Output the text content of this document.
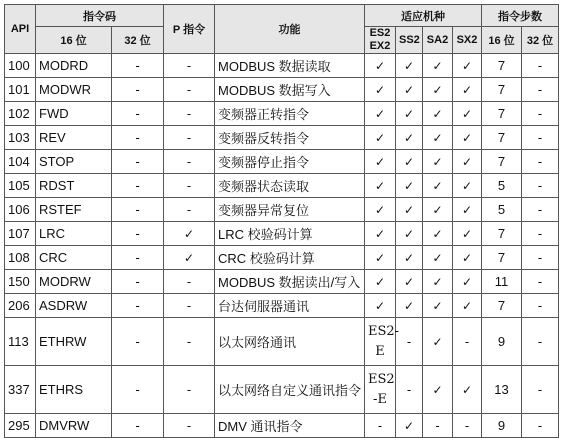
API	指令码		P 指令	功能	适应机种				指令步数	
	16 位	32 位			ES2
EX2	SS2	SA2	SX2	16 位	32 位
100	MODRD	-	-	MODBUS 数据读取	✓	✓	✓	✓	7	-
101	MODWR	-	-	MODBUS 数据写入	✓	✓	✓	✓	7	-
102	FWD	-	-	变频器正转指令	✓	✓	✓	✓	7	-
103	REV	-	-	变频器反转指令	✓	✓	✓	✓	7	-
104	STOP	-	-	变频器停止指令	✓	✓	✓	✓	7	-
105	RDST	-	-	变频器状态读取	✓	✓	✓	✓	5	-
106	RSTEF	-	-	变频器异常复位	✓	✓	✓	✓	5	-
107	LRC	-	✓	LRC 校验码计算	✓	✓	✓	✓	7	-
108	CRC	-	✓	CRC 校验码计算	✓	✓	✓	✓	7	-
150	MODRW	-	-	MODBUS 数据读出/写入	✓	✓	✓	✓	11	-
206	ASDRW	-	-	台达伺服器通讯	✓	✓	✓	✓	7	-
113	ETHRW	-	-	以太网络通讯	ES2-
E	-	✓	-	9	-
337	ETHRS	-	-	以太网络自定义通讯指令	ES2
-E	-	✓	✓	13	-
295	DMVRW	-	-	DMV 通讯指令	-	✓	-	-	9	-
